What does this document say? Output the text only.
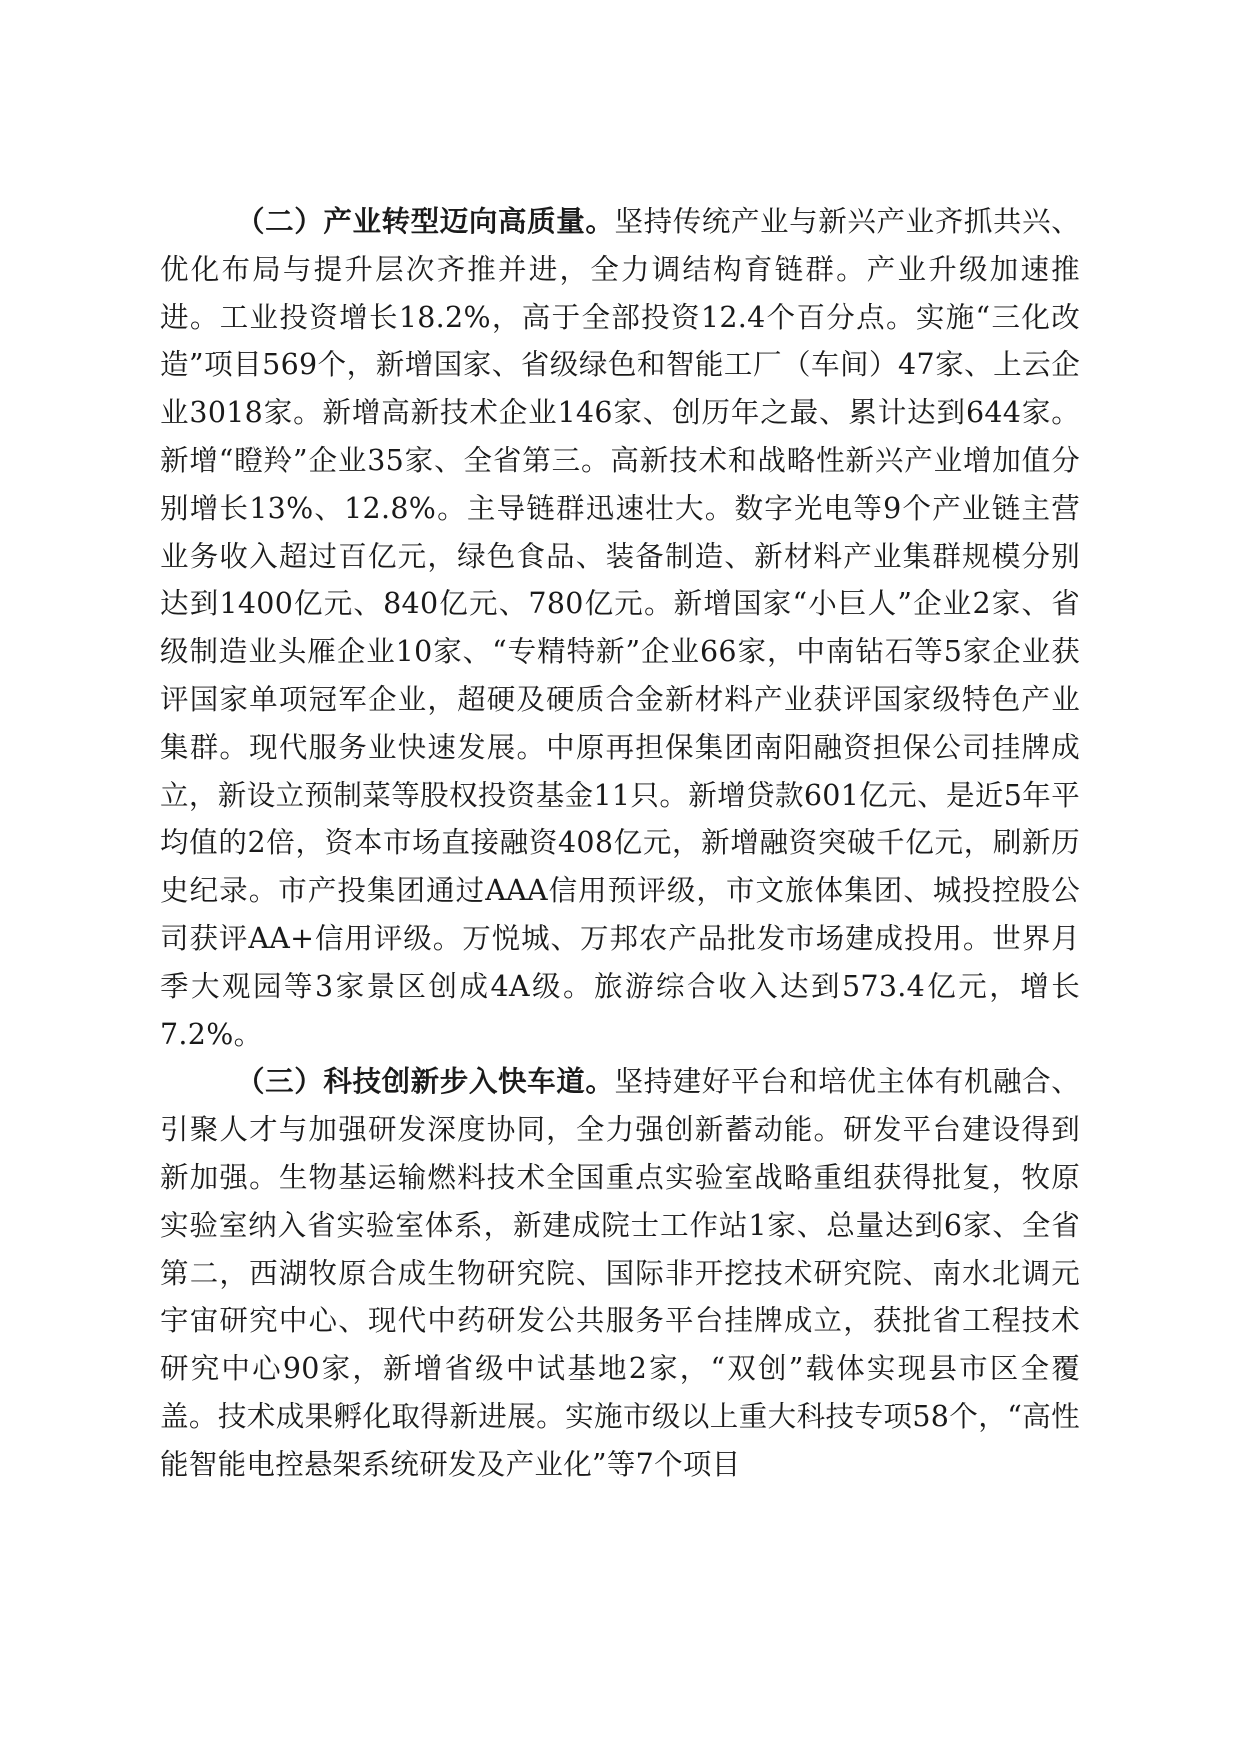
（二）产业转型迈向高质量。坚持传统产业与新兴产业齐抓共兴、优化布局与提升层次齐推并进，全力调结构育链群。产业升级加速推进。工业投资增长18.2%，高于全部投资12.4个百分点。实施“三化改造”项目569个，新增国家、省级绿色和智能工厂（车间）47家、上云企业3018家。新增高新技术企业146家、创历年之最、累计达到644家。新增“瞪羚”企业35家、全省第三。高新技术和战略性新兴产业增加值分别增长13%、12.8%。主导链群迅速壮大。数字光电等9个产业链主营业务收入超过百亿元，绿色食品、装备制造、新材料产业集群规模分别达到1400亿元、840亿元、780亿元。新增国家“小巨人”企业2家、省级制造业头雁企业10家、“专精特新”企业66家，中南钻石等5家企业获评国家单项冠军企业，超硬及硬质合金新材料产业获评国家级特色产业集群。现代服务业快速发展。中原再担保集团南阳融资担保公司挂牌成立，新设立预制菜等股权投资基金11只。新增贷款601亿元、是近5年平均值的2倍，资本市场直接融资408亿元，新增融资突破千亿元，刷新历史纪录。市产投集团通过AAA信用预评级，市文旅体集团、城投控股公司获评AA+信用评级。万悦城、万邦农产品批发市场建成投用。世界月季大观园等3家景区创成4A级。旅游综合收入达到573.4亿元，增长7.2%。

（三）科技创新步入快车道。坚持建好平台和培优主体有机融合、引聚人才与加强研发深度协同，全力强创新蓄动能。研发平台建设得到新加强。生物基运输燃料技术全国重点实验室战略重组获得批复，牧原实验室纳入省实验室体系，新建成院士工作站1家、总量达到6家、全省第二，西湖牧原合成生物研究院、国际非开挖技术研究院、南水北调元宇宙研究中心、现代中药研发公共服务平台挂牌成立，获批省工程技术研究中心90家，新增省级中试基地2家，“双创”载体实现县市区全覆盖。技术成果孵化取得新进展。实施市级以上重大科技专项58个，“高性能智能电控悬架系统研发及产业化”等7个项目
